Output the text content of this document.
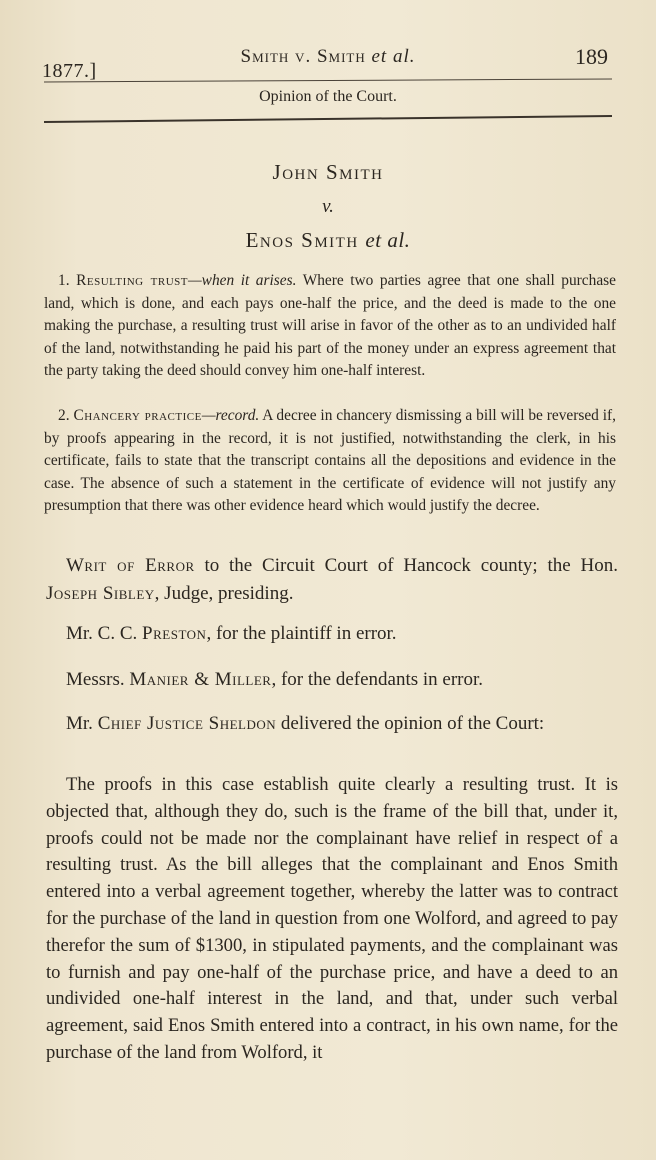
1877.]
Smith v. Smith et al.	189
Opinion of the Court.
John Smith
v.
Enos Smith et al.
1. Resulting trust—when it arises. Where two parties agree that one shall purchase land, which is done, and each pays one-half the price, and the deed is made to the one making the purchase, a resulting trust will arise in favor of the other as to an undivided half of the land, notwithstanding he paid his part of the money under an express agreement that the party taking the deed should convey him one-half interest.
2. Chancery practice—record. A decree in chancery dismissing a bill will be reversed if, by proofs appearing in the record, it is not justified, notwithstanding the clerk, in his certificate, fails to state that the transcript contains all the depositions and evidence in the case. The absence of such a statement in the certificate of evidence will not justify any presumption that there was other evidence heard which would justify the decree.
Writ of Error to the Circuit Court of Hancock county; the Hon. Joseph Sibley, Judge, presiding.
Mr. C. C. Preston, for the plaintiff in error.
Messrs. Manier & Miller, for the defendants in error.
Mr. Chief Justice Sheldon delivered the opinion of the Court:
The proofs in this case establish quite clearly a resulting trust. It is objected that, although they do, such is the frame of the bill that, under it, proofs could not be made nor the complainant have relief in respect of a resulting trust. As the bill alleges that the complainant and Enos Smith entered into a verbal agreement together, whereby the latter was to contract for the purchase of the land in question from one Wolford, and agreed to pay therefor the sum of $1300, in stipulated payments, and the complainant was to furnish and pay one-half of the purchase price, and have a deed to an undivided one-half interest in the land, and that, under such verbal agreement, said Enos Smith entered into a contract, in his own name, for the purchase of the land from Wolford, it
